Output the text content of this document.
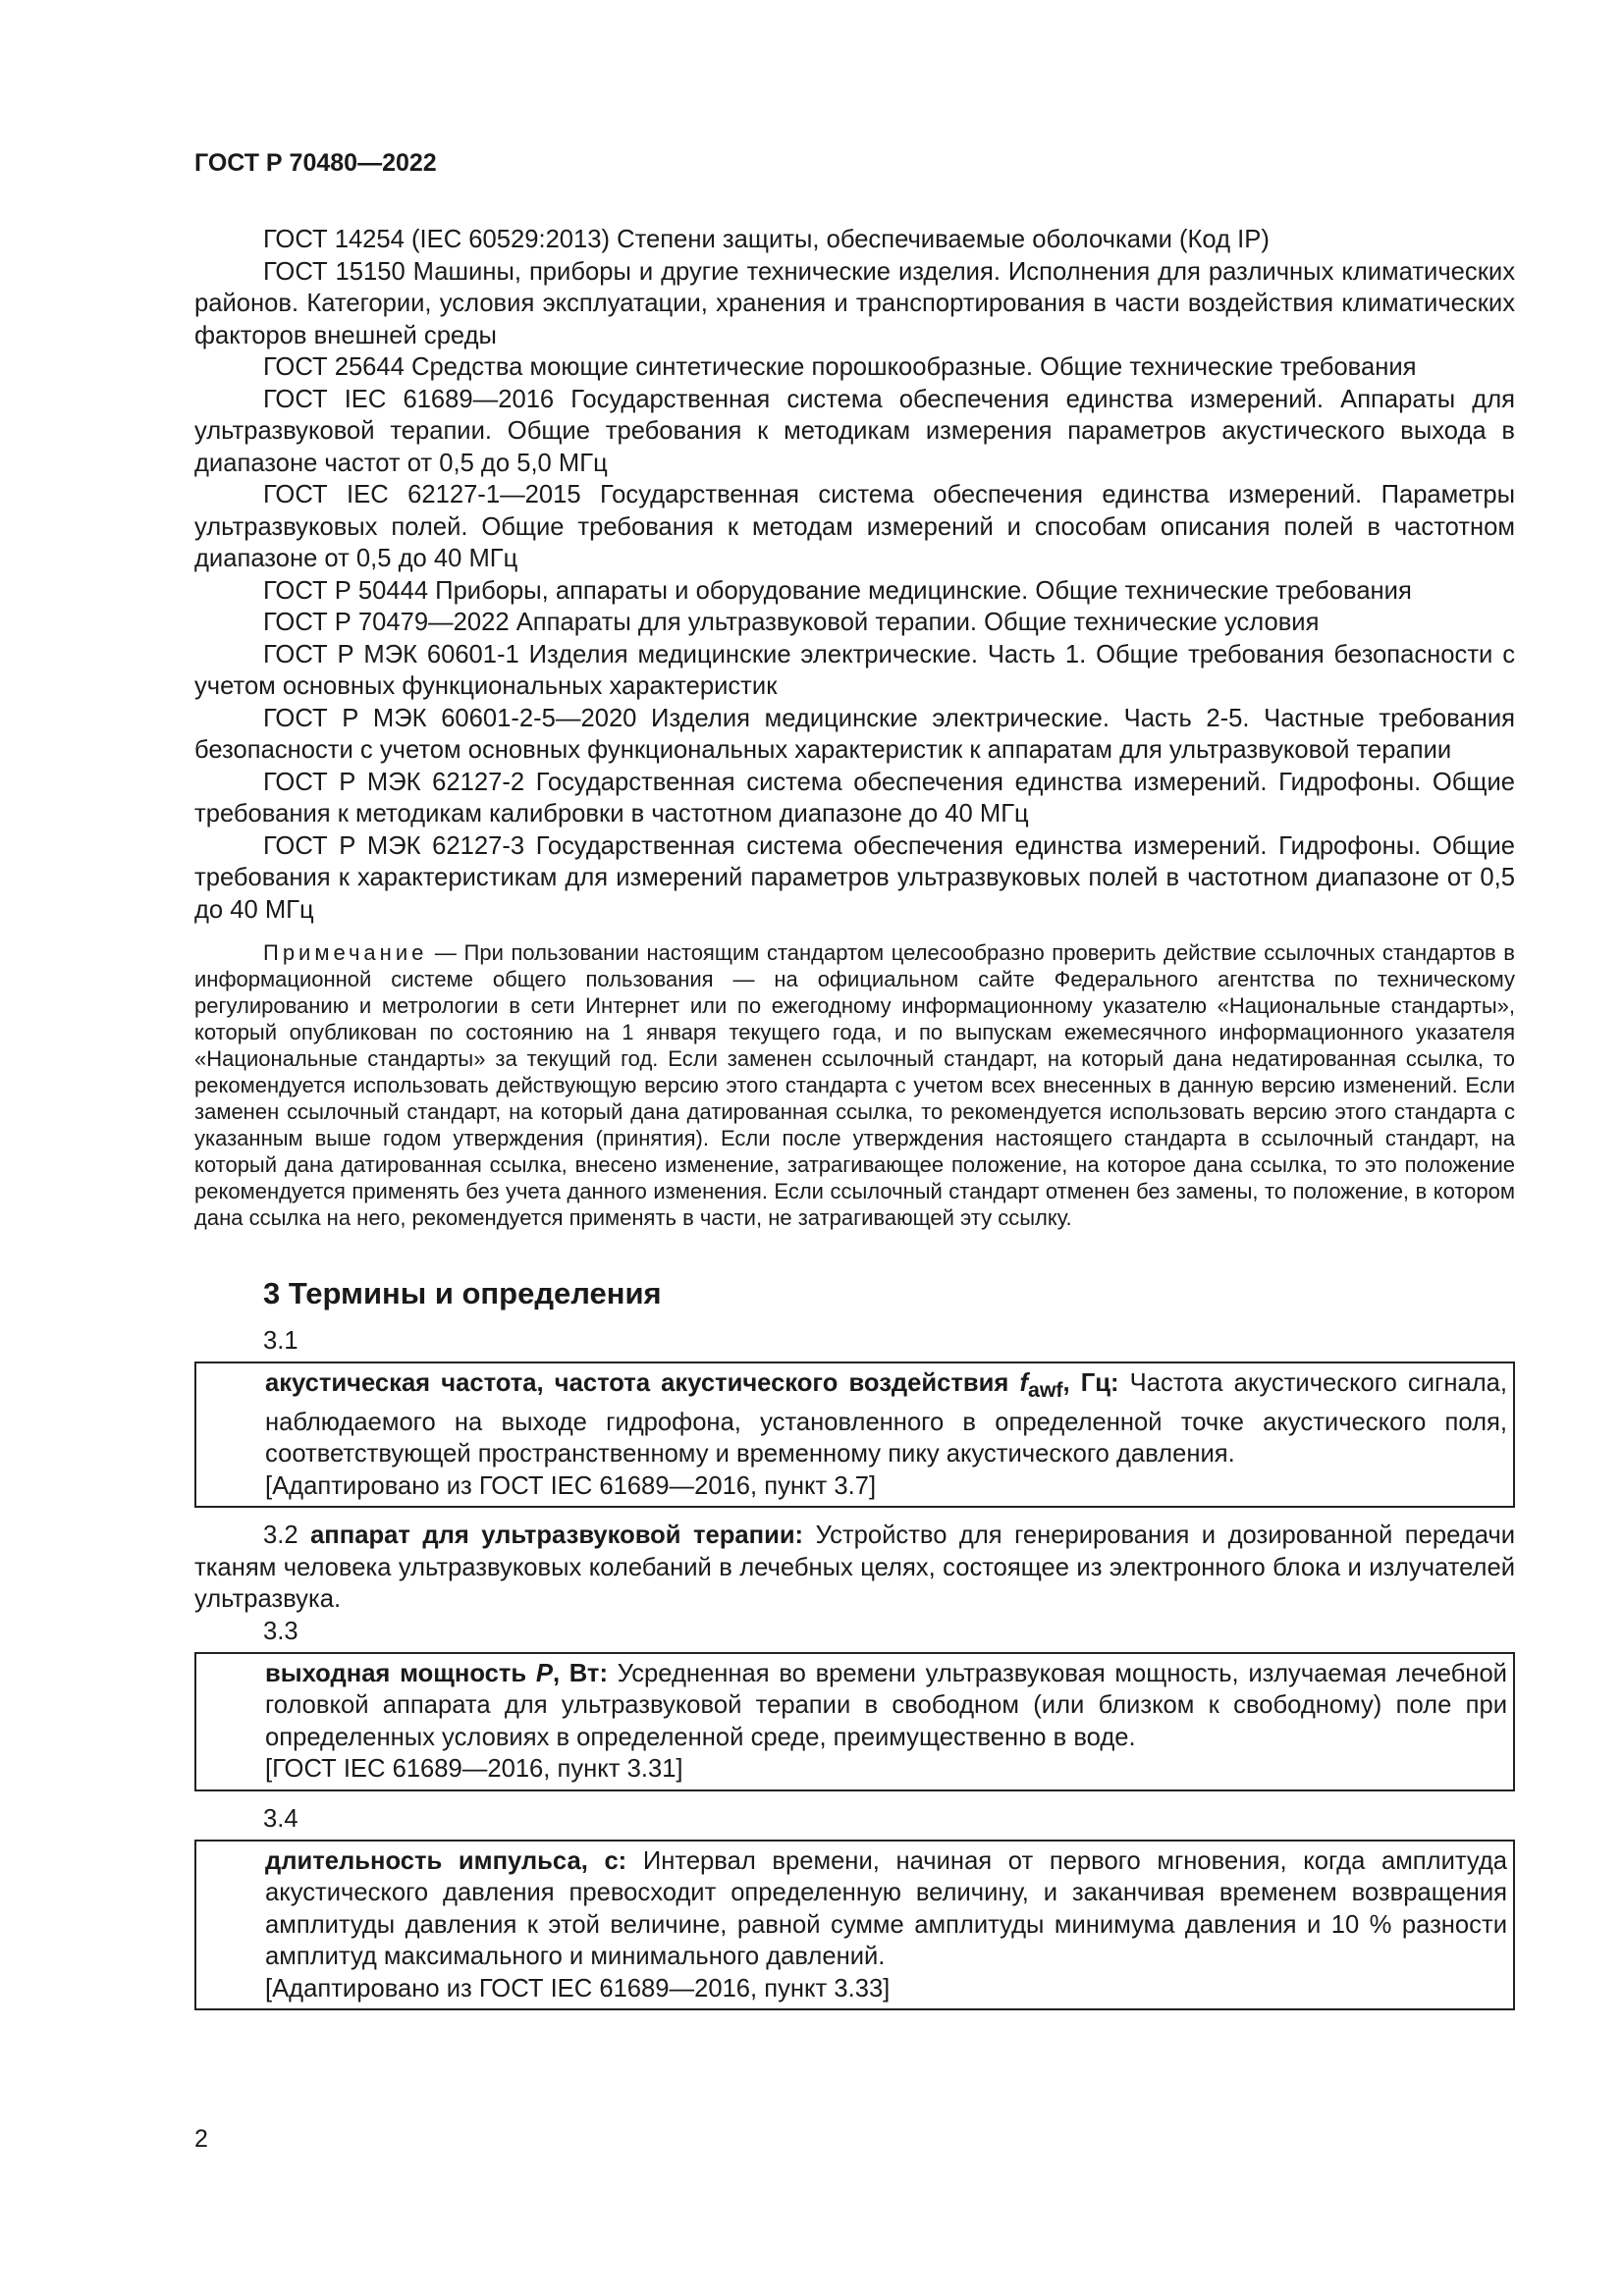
ГОСТ Р 70480—2022

ГОСТ 14254 (IEC 60529:2013) Степени защиты, обеспечиваемые оболочками (Код IP)

ГОСТ 15150 Машины, приборы и другие технические изделия. Исполнения для различных климатических районов. Категории, условия эксплуатации, хранения и транспортирования в части воздействия климатических факторов внешней среды

ГОСТ 25644 Средства моющие синтетические порошкообразные. Общие технические требования

ГОСТ IEC 61689—2016 Государственная система обеспечения единства измерений. Аппараты для ультразвуковой терапии. Общие требования к методикам измерения параметров акустического выхода в диапазоне частот от 0,5 до 5,0 МГц

ГОСТ IEC 62127-1—2015 Государственная система обеспечения единства измерений. Параметры ультразвуковых полей. Общие требования к методам измерений и способам описания полей в частотном диапазоне от 0,5 до 40 МГц

ГОСТ Р 50444 Приборы, аппараты и оборудование медицинские. Общие технические требования

ГОСТ Р 70479—2022 Аппараты для ультразвуковой терапии. Общие технические условия

ГОСТ Р МЭК 60601-1 Изделия медицинские электрические. Часть 1. Общие требования безопасности с учетом основных функциональных характеристик

ГОСТ Р МЭК 60601-2-5—2020 Изделия медицинские электрические. Часть 2-5. Частные требования безопасности с учетом основных функциональных характеристик к аппаратам для ультразвуковой терапии

ГОСТ Р МЭК 62127-2 Государственная система обеспечения единства измерений. Гидрофоны. Общие требования к методикам калибровки в частотном диапазоне до 40 МГц

ГОСТ Р МЭК 62127-3 Государственная система обеспечения единства измерений. Гидрофоны. Общие требования к характеристикам для измерений параметров ультразвуковых полей в частотном диапазоне от 0,5 до 40 МГц

Примечание — При пользовании настоящим стандартом целесообразно проверить действие ссылочных стандартов в информационной системе общего пользования — на официальном сайте Федерального агентства по техническому регулированию и метрологии в сети Интернет или по ежегодному информационному указателю «Национальные стандарты», который опубликован по состоянию на 1 января текущего года, и по выпускам ежемесячного информационного указателя «Национальные стандарты» за текущий год. Если заменен ссылочный стандарт, на который дана недатированная ссылка, то рекомендуется использовать действующую версию этого стандарта с учетом всех внесенных в данную версию изменений. Если заменен ссылочный стандарт, на который дана датированная ссылка, то рекомендуется использовать версию этого стандарта с указанным выше годом утверждения (принятия). Если после утверждения настоящего стандарта в ссылочный стандарт, на который дана датированная ссылка, внесено изменение, затрагивающее положение, на которое дана ссылка, то это положение рекомендуется применять без учета данного изменения. Если ссылочный стандарт отменен без замены, то положение, в котором дана ссылка на него, рекомендуется применять в части, не затрагивающей эту ссылку.

3 Термины и определения
3.1

акустическая частота, частота акустического воздействия $f_{awf}$, Гц: Частота акустического сигнала, наблюдаемого на выходе гидрофона, установленного в определенной точке акустического поля, соответствующей пространственному и временному пику акустического давления.

[Адаптировано из ГОСТ IEC 61689—2016, пункт 3.7]

3.2 аппарат для ультразвуковой терапии: Устройство для генерирования и дозированной передачи тканям человека ультразвуковых колебаний в лечебных целях, состоящее из электронного блока и излучателей ультразвука.

3.3

выходная мощность P, Вт: Усредненная во времени ультразвуковая мощность, излучаемая лечебной головкой аппарата для ультразвуковой терапии в свободном (или близком к свободному) поле при определенных условиях в определенной среде, преимущественно в воде.

[ГОСТ IEC 61689—2016, пункт 3.31]

3.4

длительность импульса, с: Интервал времени, начиная от первого мгновения, когда амплитуда акустического давления превосходит определенную величину, и заканчивая временем возвращения амплитуды давления к этой величине, равной сумме амплитуды минимума давления и 10 % разности амплитуд максимального и минимального давлений.

[Адаптировано из ГОСТ IEC 61689—2016, пункт 3.33]

2
